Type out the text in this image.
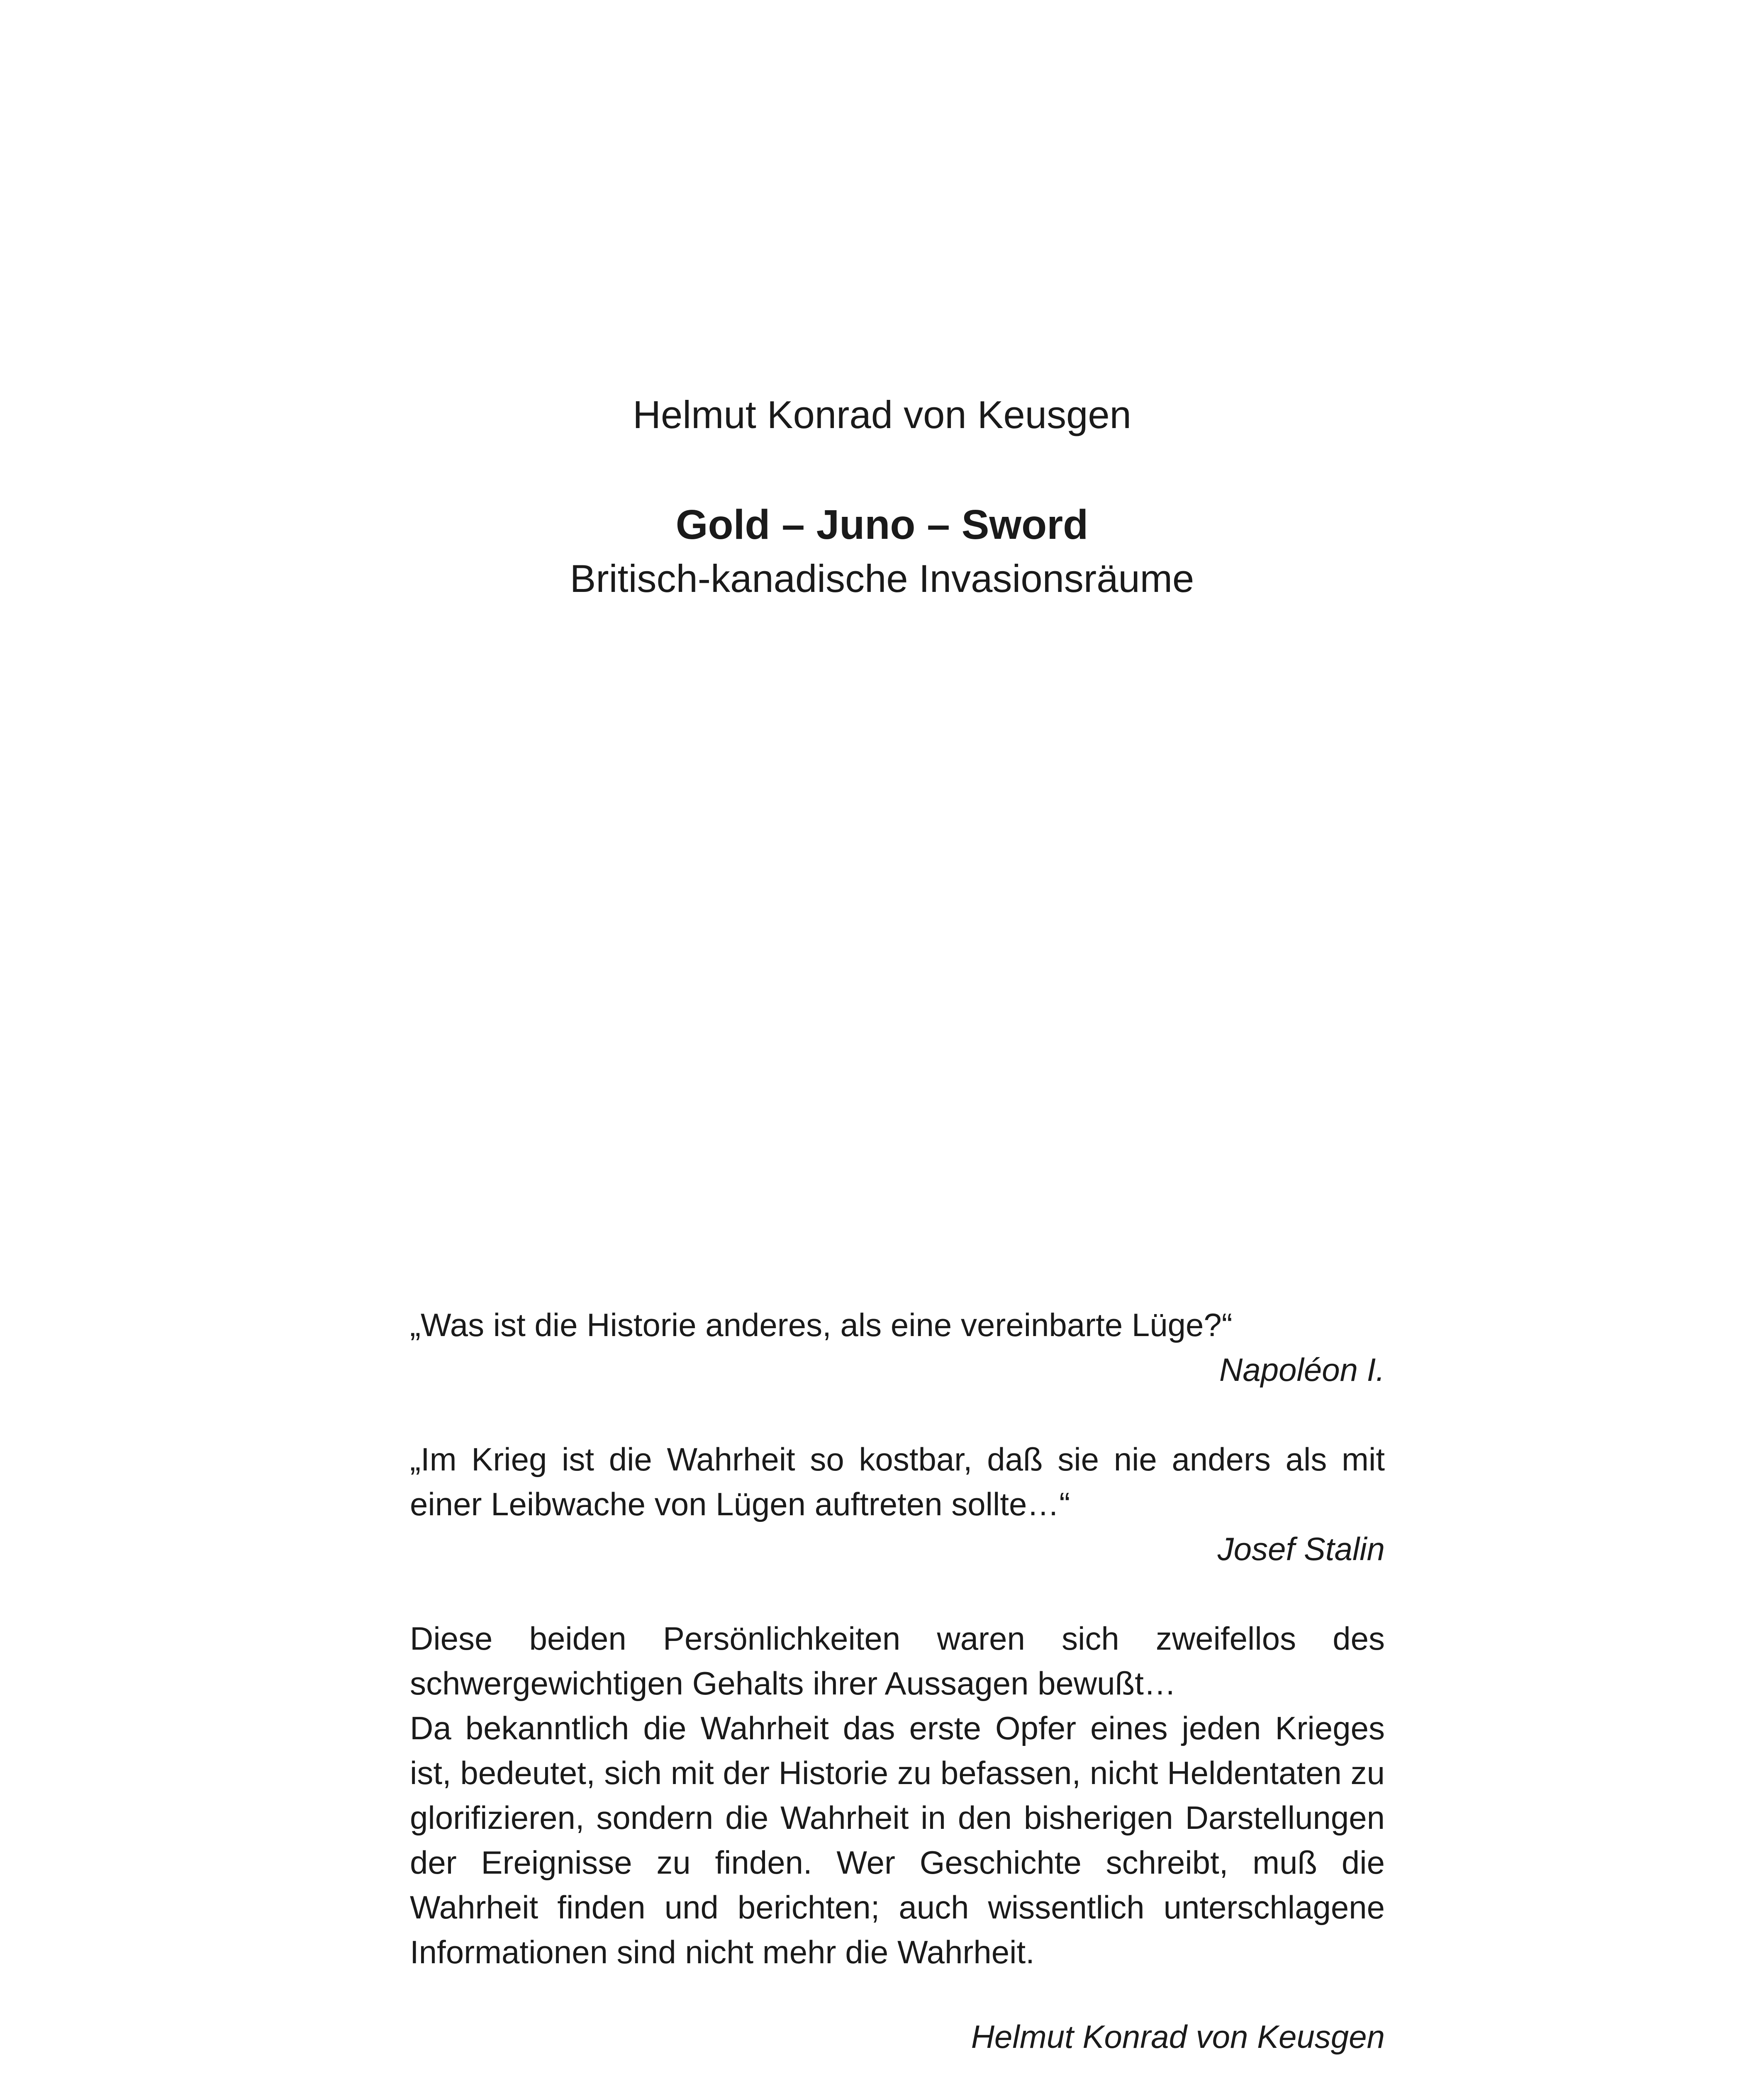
Helmut Konrad von Keusgen
Gold – Juno – Sword
Britisch-kanadische Invasionsräume
„Was ist die Historie anderes, als eine vereinbarte Lüge?“
Napoléon I.
„Im Krieg ist die Wahrheit so kostbar, daß sie nie anders als mit einer Leibwache von Lügen auftreten sollte…“
Josef Stalin
Diese beiden Persönlichkeiten waren sich zweifellos des schwergewichtigen Gehalts ihrer Aussagen bewußt…
Da bekanntlich die Wahrheit das erste Opfer eines jeden Krieges ist, bedeutet, sich mit der Historie zu befassen, nicht Heldentaten zu glorifizieren, sondern die Wahrheit in den bisherigen Darstellungen der Ereignisse zu finden. Wer Geschichte schreibt, muß die Wahrheit finden und berichten; auch wissentlich unterschlagene Informationen sind nicht mehr die Wahrheit.
Helmut Konrad von Keusgen
